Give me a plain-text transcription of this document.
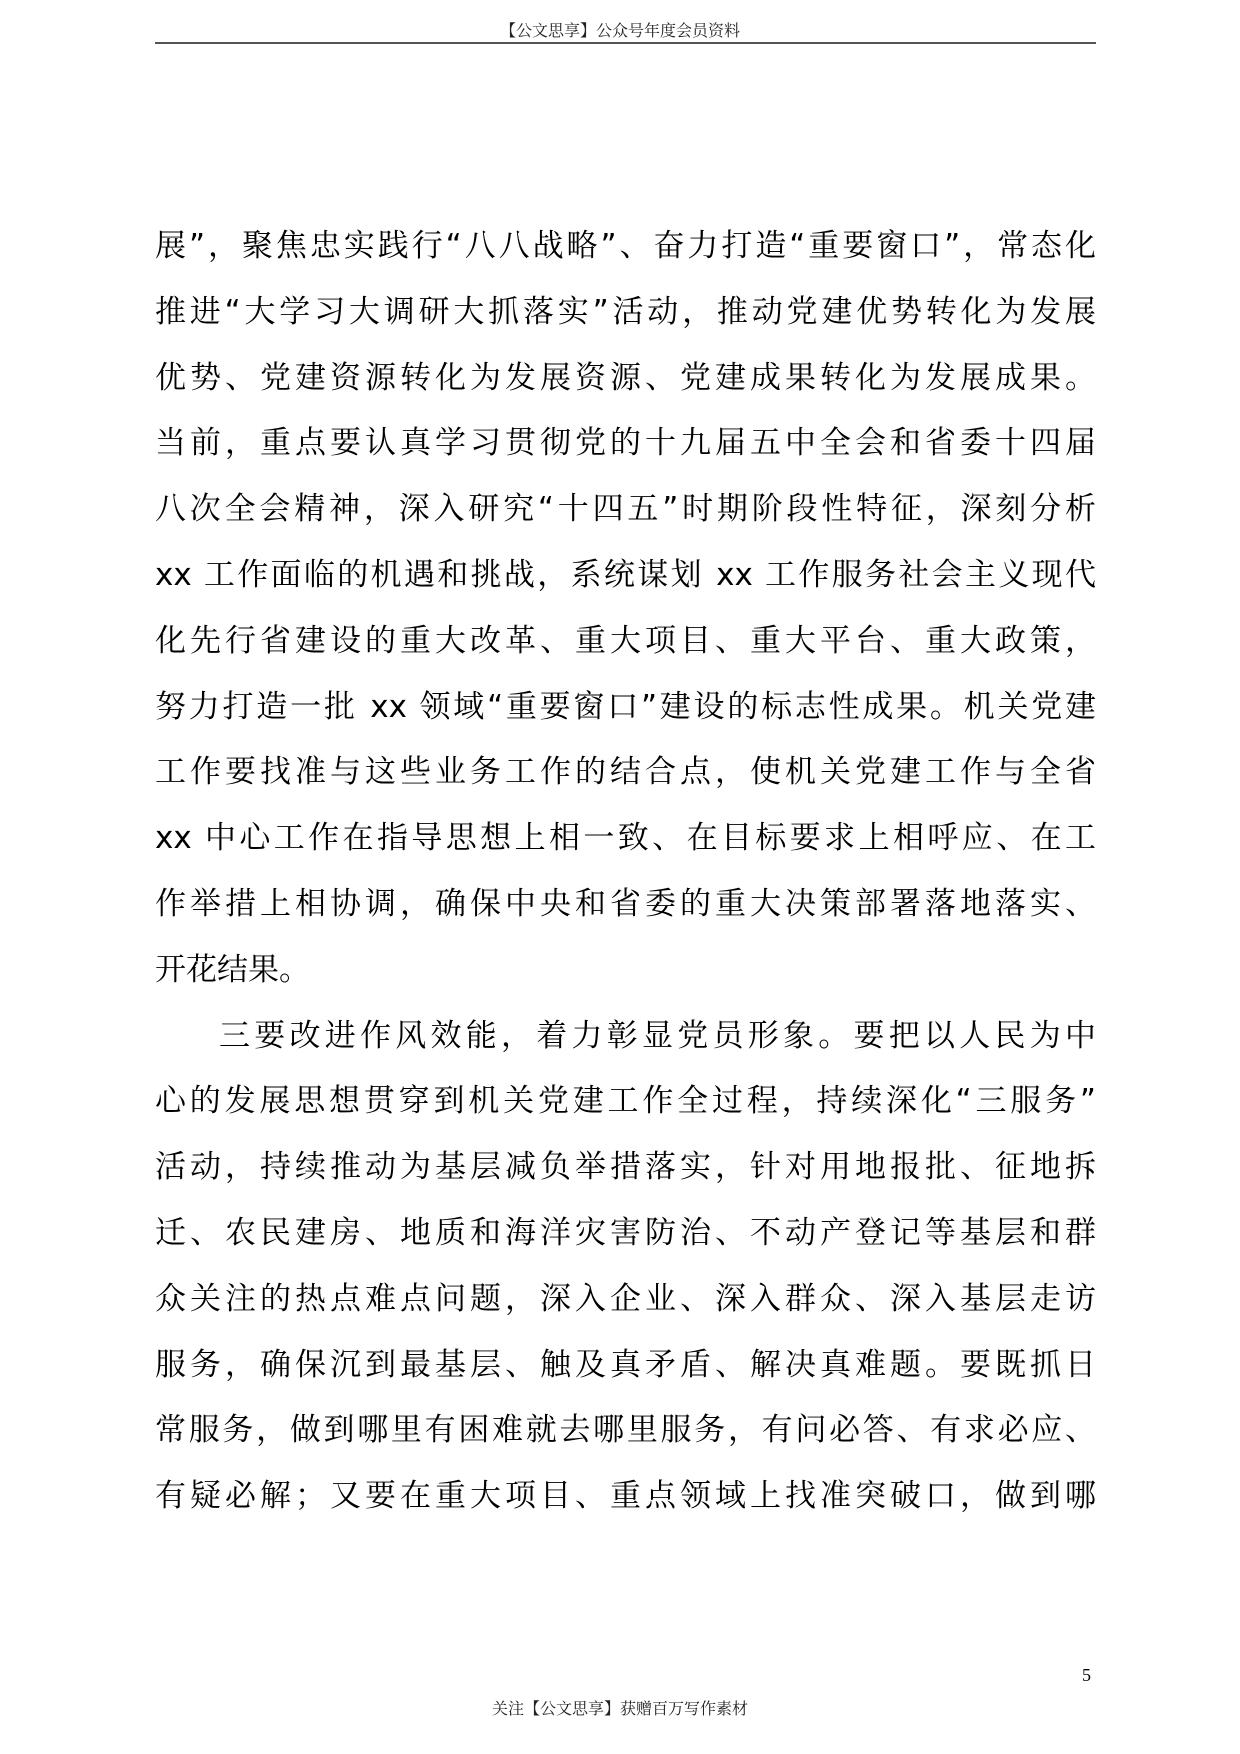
【公文思享】公众号年度会员资料
展”，聚焦忠实践行“八八战略”、奋力打造“重要窗口”，常态化
推进“大学习大调研大抓落实”活动，推动党建优势转化为发展
优势、党建资源转化为发展资源、党建成果转化为发展成果。
当前，重点要认真学习贯彻党的十九届五中全会和省委十四届
八次全会精神，深入研究“十四五”时期阶段性特征，深刻分析
xx 工作面临的机遇和挑战，系统谋划 xx 工作服务社会主义现代
化先行省建设的重大改革、重大项目、重大平台、重大政策，
努力打造一批 xx 领域“重要窗口”建设的标志性成果。机关党建
工作要找准与这些业务工作的结合点，使机关党建工作与全省
xx 中心工作在指导思想上相一致、在目标要求上相呼应、在工
作举措上相协调，确保中央和省委的重大决策部署落地落实、
开花结果。
三要改进作风效能，着力彰显党员形象。要把以人民为中
心的发展思想贯穿到机关党建工作全过程，持续深化“三服务”
活动，持续推动为基层减负举措落实，针对用地报批、征地拆
迁、农民建房、地质和海洋灾害防治、不动产登记等基层和群
众关注的热点难点问题，深入企业、深入群众、深入基层走访
服务，确保沉到最基层、触及真矛盾、解决真难题。要既抓日
常服务，做到哪里有困难就去哪里服务，有问必答、有求必应、
有疑必解；又要在重大项目、重点领域上找准突破口，做到哪
5
关注【公文思享】获赠百万写作素材
